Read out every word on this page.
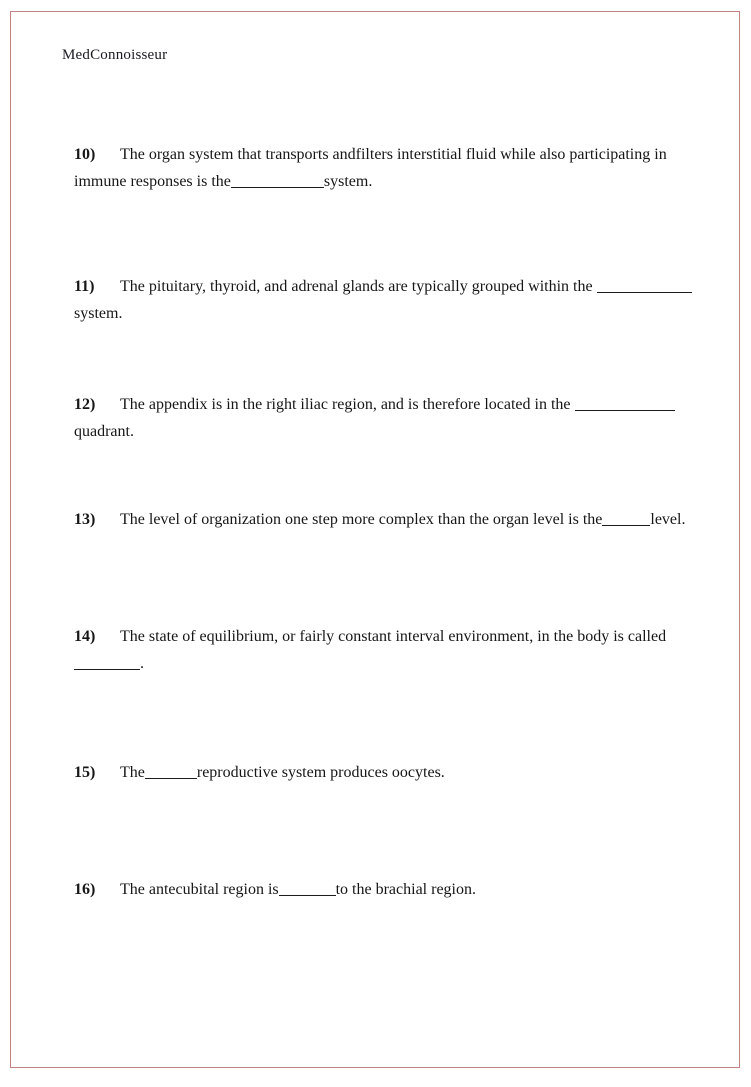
MedConnoisseur
10) The organ system that transports andfilters interstitial fluid while also participating in
immune responses is the	system.
11) The pituitary, thyroid, and adrenal glands are typically grouped within the
system.
12) The appendix is in the right iliac region, and is therefore located in the
quadrant.
13) The level of organization one step more complex than the organ level is the	level.
14) The state of equilibrium, or fairly constant interval environment, in the body is called
.
15) The	reproductive system produces oocytes.
16) The antecubital region is	to the brachial region.
